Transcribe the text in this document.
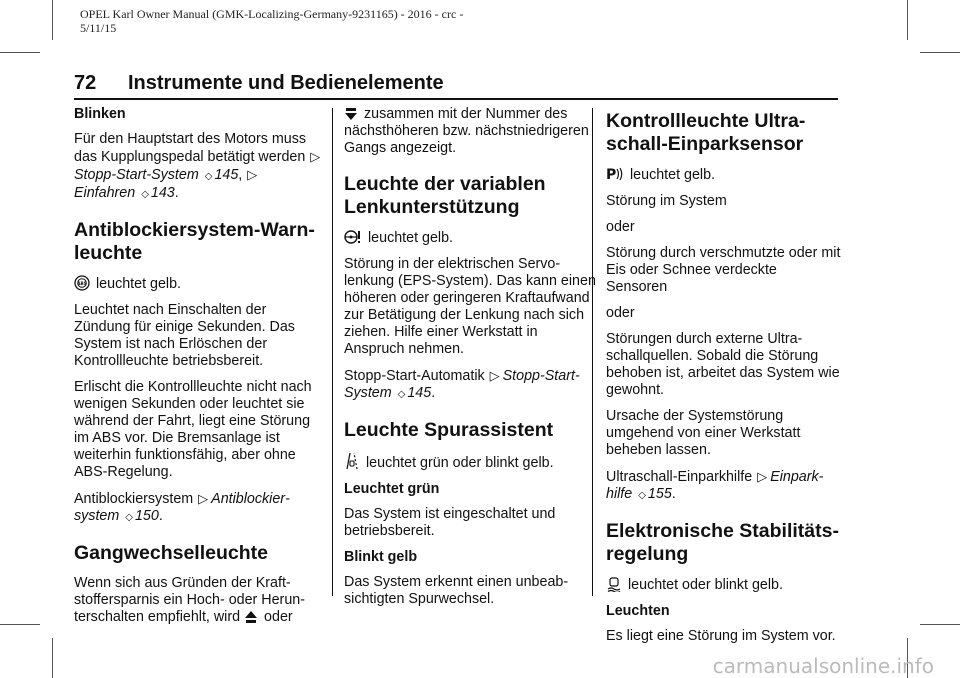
OPEL Karl Owner Manual (GMK-Localizing-Germany-9231165) - 2016 - crc -
5/11/15
72 Instrumente und Bedienelemente

Blinken

Für den Hauptstart des Motors muss das Kupplungspedal betätigt werden ▷Stopp-Start-System ◇ 145, ▷
Einfahren ◇ 143.

Antiblockiersystem-Warnleuchte

ABS leuchtet gelb.

Leuchtet nach Einschalten der Zündung für einige Sekunden. Das System ist nach Erlöschen der Kontrollleuchte betriebsbereit.

Erlischt die Kontrollleuchte nicht nach wenigen Sekunden oder leuchtet sie während der Fahrt, liegt eine Störung im ABS vor. Die Bremsanlage ist weiterhin funktionsfähig, aber ohne ABS-Regelung.

Antiblockiersystem ▷ Antiblockiersystem ◇ 150.

Gangwechselleuchte

Wenn sich aus Gründen der Kraftstoffersparnis ein Hoch- oder Herunterschalten empfiehlt, wird oder

zusammen mit der Nummer des nächsthöheren bzw. nächstniedrigeren Gangs angezeigt.

Leuchte der variablen Lenkunterstützung

leuchtet gelb.

Störung in der elektrischen Servolenkung (EPS-System). Das kann einen höheren oder geringeren Kraftaufwand zur Betätigung der Lenkung nach sich ziehen. Hilfe einer Werkstatt in Anspruch nehmen.

Stopp-Start-Automatik ▷ Stopp-Start-System ◇ 145.

Leuchte Spurassistent

leuchtet grün oder blinkt gelb.

Leuchtet grün

Das System ist eingeschaltet und betriebsbereit.

Blinkt gelb

Das System erkennt einen unbeabsichtigten Spurwechsel.

Kontrollleuchte Ultraschall-Einparksensor

P leuchtet gelb.

Störung im System

oder

Störung durch verschmutzte oder mit Eis oder Schnee verdeckte Sensoren

oder

Störungen durch externe Ultraschallquellen. Sobald die Störung behoben ist, arbeitet das System wie gewohnt.

Ursache der Systemstörung umgehend von einer Werkstatt beheben lassen.

Ultraschall-Einparkhilfe ▷ Einparkhilfe ◇ 155.

Elektronische Stabilitätsregelung

leuchtet oder blinkt gelb.

Leuchten

Es liegt eine Störung im System vor.

carmanualsonline.info
